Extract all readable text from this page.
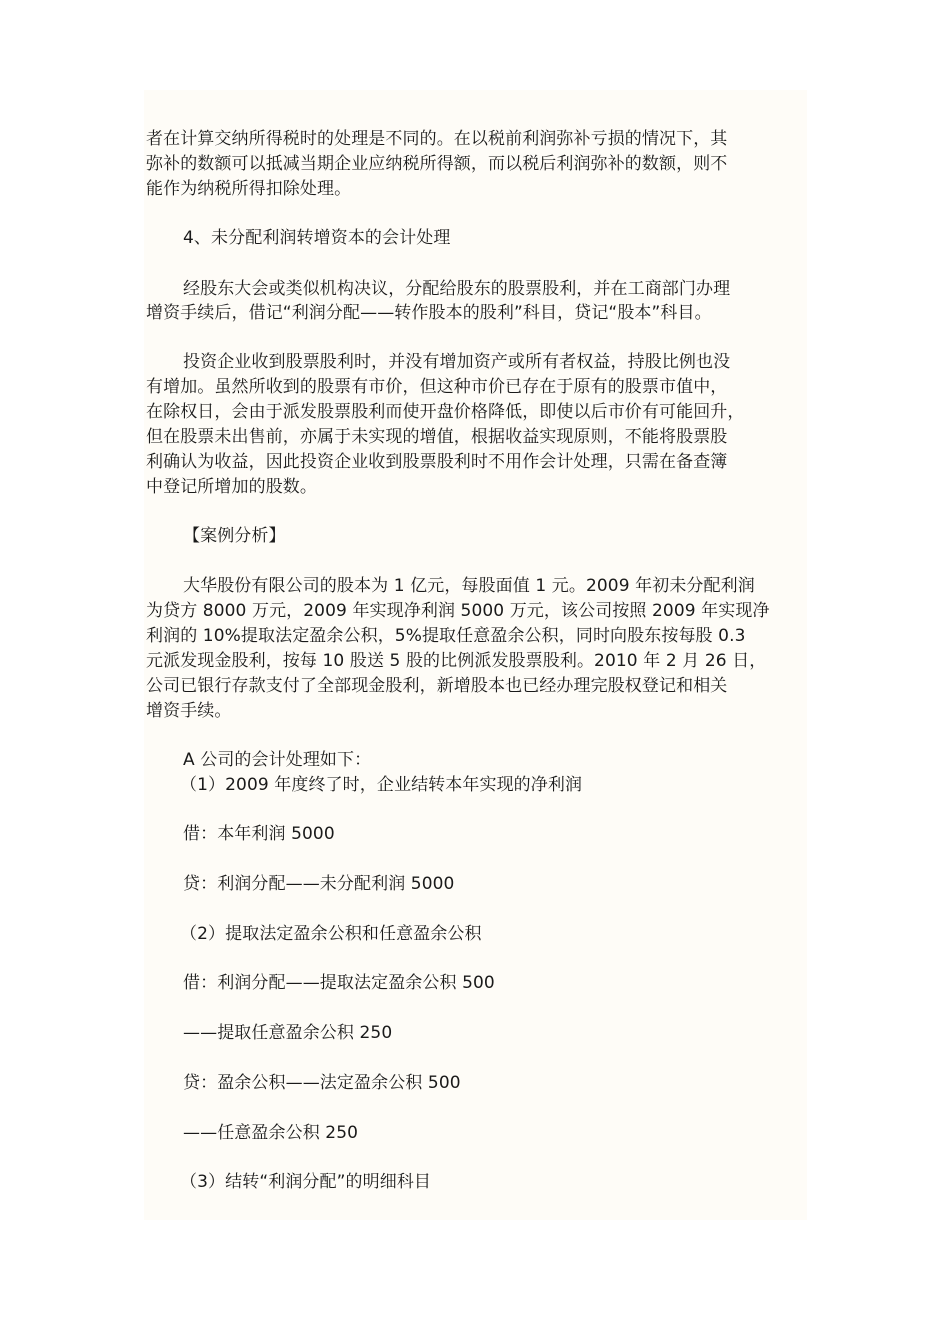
者在计算交纳所得税时的处理是不同的。在以税前利润弥补亏损的情况下，其
弥补的数额可以抵减当期企业应纳税所得额，而以税后利润弥补的数额，则不
能作为纳税所得扣除处理。
4、未分配利润转增资本的会计处理
经股东大会或类似机构决议，分配给股东的股票股利，并在工商部门办理
增资手续后，借记“利润分配——转作股本的股利”科目，贷记“股本”科目。
投资企业收到股票股利时，并没有增加资产或所有者权益，持股比例也没
有增加。虽然所收到的股票有市价，但这种市价已存在于原有的股票市值中，
在除权日，会由于派发股票股利而使开盘价格降低，即使以后市价有可能回升，
但在股票未出售前，亦属于未实现的增值，根据收益实现原则，不能将股票股
利确认为收益，因此投资企业收到股票股利时不用作会计处理，只需在备查簿
中登记所增加的股数。
【案例分析】
大华股份有限公司的股本为 1 亿元，每股面值 1 元。2009 年初未分配利润
为贷方 8000 万元，2009 年实现净利润 5000 万元，该公司按照 2009 年实现净
利润的 10%提取法定盈余公积，5%提取任意盈余公积，同时向股东按每股 0.3
元派发现金股利，按每 10 股送 5 股的比例派发股票股利。2010 年 2 月 26 日，
公司已银行存款支付了全部现金股利，新增股本也已经办理完股权登记和相关
增资手续。
A 公司的会计处理如下：
（1）2009 年度终了时，企业结转本年实现的净利润
借：本年利润 5000
贷：利润分配——未分配利润 5000
（2）提取法定盈余公积和任意盈余公积
借：利润分配——提取法定盈余公积 500
——提取任意盈余公积 250
贷：盈余公积——法定盈余公积 500
——任意盈余公积 250
（3）结转“利润分配”的明细科目
